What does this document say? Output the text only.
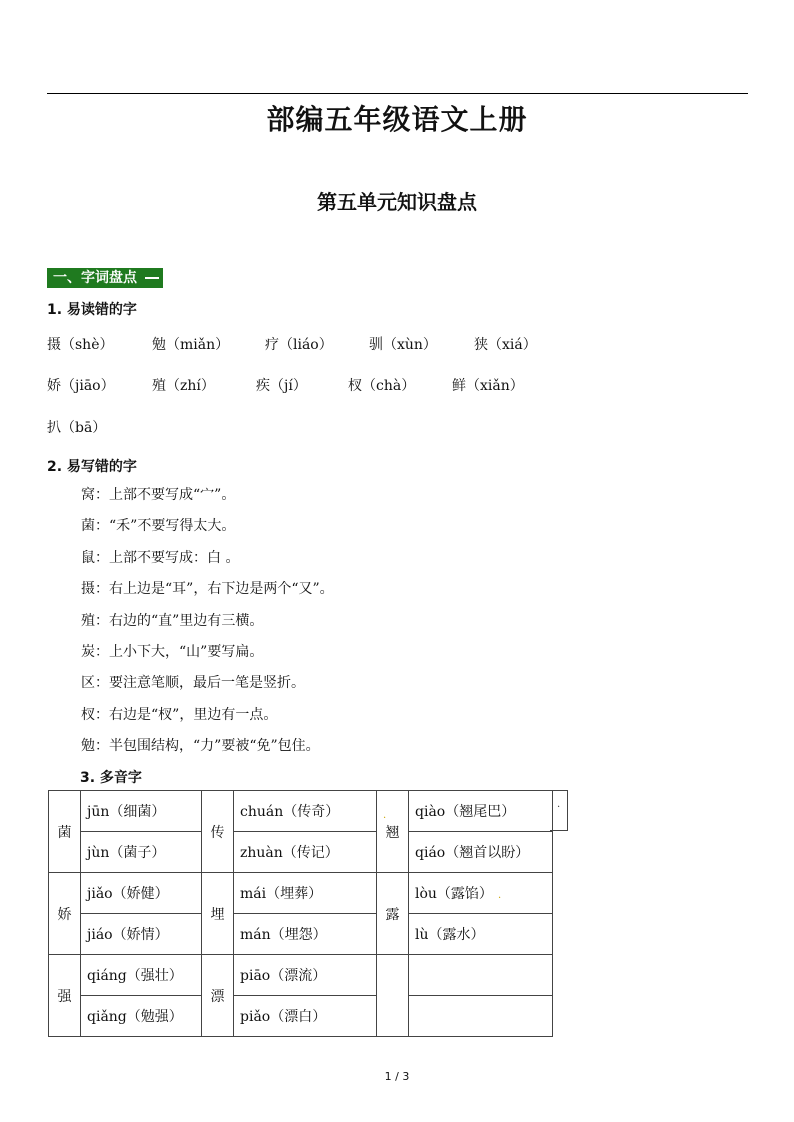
部编五年级语文上册
第五单元知识盘点
一、字词盘点
1. 易读错的字
摄（shè）	勉（miǎn）	疗（liáo）	驯（xùn）	狭（xiá）
娇（jiāo）	殖（zhí）	疾（jí）	杈（chà）	鲜（xiǎn）
扒（bā）
2. 易写错的字
窝：上部不要写成“宀”。
菌：“禾”不要写得太大。
鼠：上部不要写成：白 。
摄：右上边是“耳”，右下边是两个“又”。
殖：右边的“直”里边有三横。
炭：上小下大，“山”要写扁。
区：要注意笔顺，最后一笔是竖折。
杈：右边是“杈”，里边有一点。
勉：半包围结构，“力”要被“免”包住。
3. 多音字
菌	jūn（细菌）	传	chuán（传奇）	翘	qiào（翘尾巴）
	jùn（菌子）		zhuàn（传记）		qiáo（翘首以盼）
娇	jiǎo（娇健）	埋	mái（埋葬）	露	lòu（露馅）
	jiáo（娇情）		mán（埋怨）		lù（露水）
强	qiáng（强壮）	漂	piāo（漂流）		
	qiǎng（勉强）		piǎo（漂白）		
.
.
.
1 / 3
